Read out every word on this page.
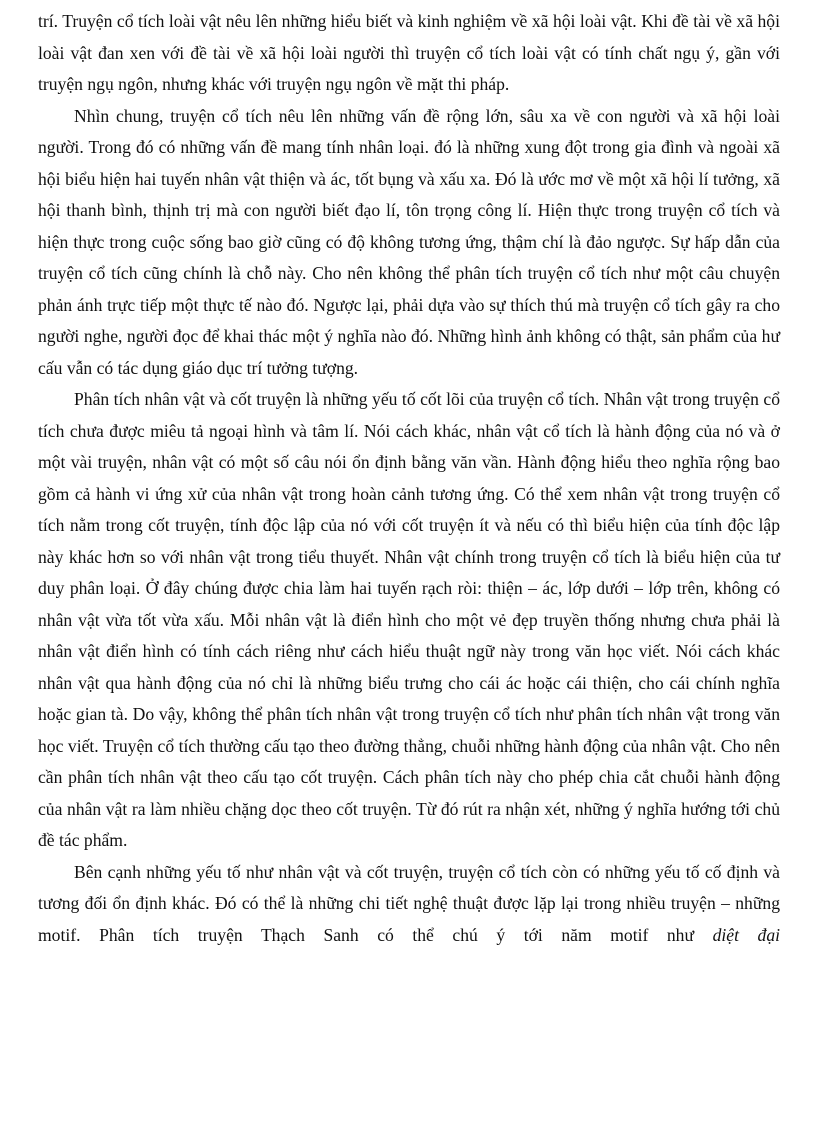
trí. Truyện cổ tích loài vật nêu lên những hiểu biết và kinh nghiệm về xã hội loài vật. Khi đề tài về xã hội loài vật đan xen với đề tài về xã hội loài người thì truyện cổ tích loài vật có tính chất ngụ ý, gần với truyện ngụ ngôn, nhưng khác với truyện ngụ ngôn về mặt thi pháp.

Nhìn chung, truyện cổ tích nêu lên những vấn đề rộng lớn, sâu xa về con người và xã hội loài người. Trong đó có những vấn đề mang tính nhân loại. đó là những xung đột trong gia đình và ngoài xã hội biểu hiện hai tuyến nhân vật thiện và ác, tốt bụng và xấu xa. Đó là ước mơ về một xã hội lí tưởng, xã hội thanh bình, thịnh trị mà con người biết đạo lí, tôn trọng công lí. Hiện thực trong truyện cổ tích và hiện thực trong cuộc sống bao giờ cũng có độ không tương ứng, thậm chí là đảo ngược. Sự hấp dẫn của truyện cổ tích cũng chính là chỗ này. Cho nên không thể phân tích truyện cổ tích như một câu chuyện phản ánh trực tiếp một thực tế nào đó. Ngược lại, phải dựa vào sự thích thú mà truyện cổ tích gây ra cho người nghe, người đọc để khai thác một ý nghĩa nào đó. Những hình ảnh không có thật, sản phẩm của hư cấu vẫn có tác dụng giáo dục trí tưởng tượng.

Phân tích nhân vật và cốt truyện là những yếu tố cốt lõi của truyện cổ tích. Nhân vật trong truyện cổ tích chưa được miêu tả ngoại hình và tâm lí. Nói cách khác, nhân vật cổ tích là hành động của nó và ở một vài truyện, nhân vật có một số câu nói ổn định bằng văn vần. Hành động hiểu theo nghĩa rộng bao gồm cả hành vi ứng xử của nhân vật trong hoàn cảnh tương ứng. Có thể xem nhân vật trong truyện cổ tích nằm trong cốt truyện, tính độc lập của nó với cốt truyện ít và nếu có thì biểu hiện của tính độc lập này khác hơn so với nhân vật trong tiểu thuyết. Nhân vật chính trong truyện cổ tích là biểu hiện của tư duy phân loại. Ở đây chúng được chia làm hai tuyến rạch ròi: thiện – ác, lớp dưới – lớp trên, không có nhân vật vừa tốt vừa xấu. Mỗi nhân vật là điển hình cho một vẻ đẹp truyền thống nhưng chưa phải là nhân vật điển hình có tính cách riêng như cách hiểu thuật ngữ này trong văn học viết. Nói cách khác nhân vật qua hành động của nó chỉ là những biểu trưng cho cái ác hoặc cái thiện, cho cái chính nghĩa hoặc gian tà. Do vậy, không thể phân tích nhân vật trong truyện cổ tích như phân tích nhân vật trong văn học viết. Truyện cổ tích thường cấu tạo theo đường thẳng, chuỗi những hành động của nhân vật. Cho nên cần phân tích nhân vật theo cấu tạo cốt truyện. Cách phân tích này cho phép chia cắt chuỗi hành động của nhân vật ra làm nhiều chặng dọc theo cốt truyện. Từ đó rút ra nhận xét, những ý nghĩa hướng tới chủ đề tác phẩm.

Bên cạnh những yếu tố như nhân vật và cốt truyện, truyện cổ tích còn có những yếu tố cố định và tương đối ổn định khác. Đó có thể là những chi tiết nghệ thuật được lặp lại trong nhiều truyện – những motif. Phân tích truyện Thạch Sanh có thể chú ý tới năm motif như diệt đại
